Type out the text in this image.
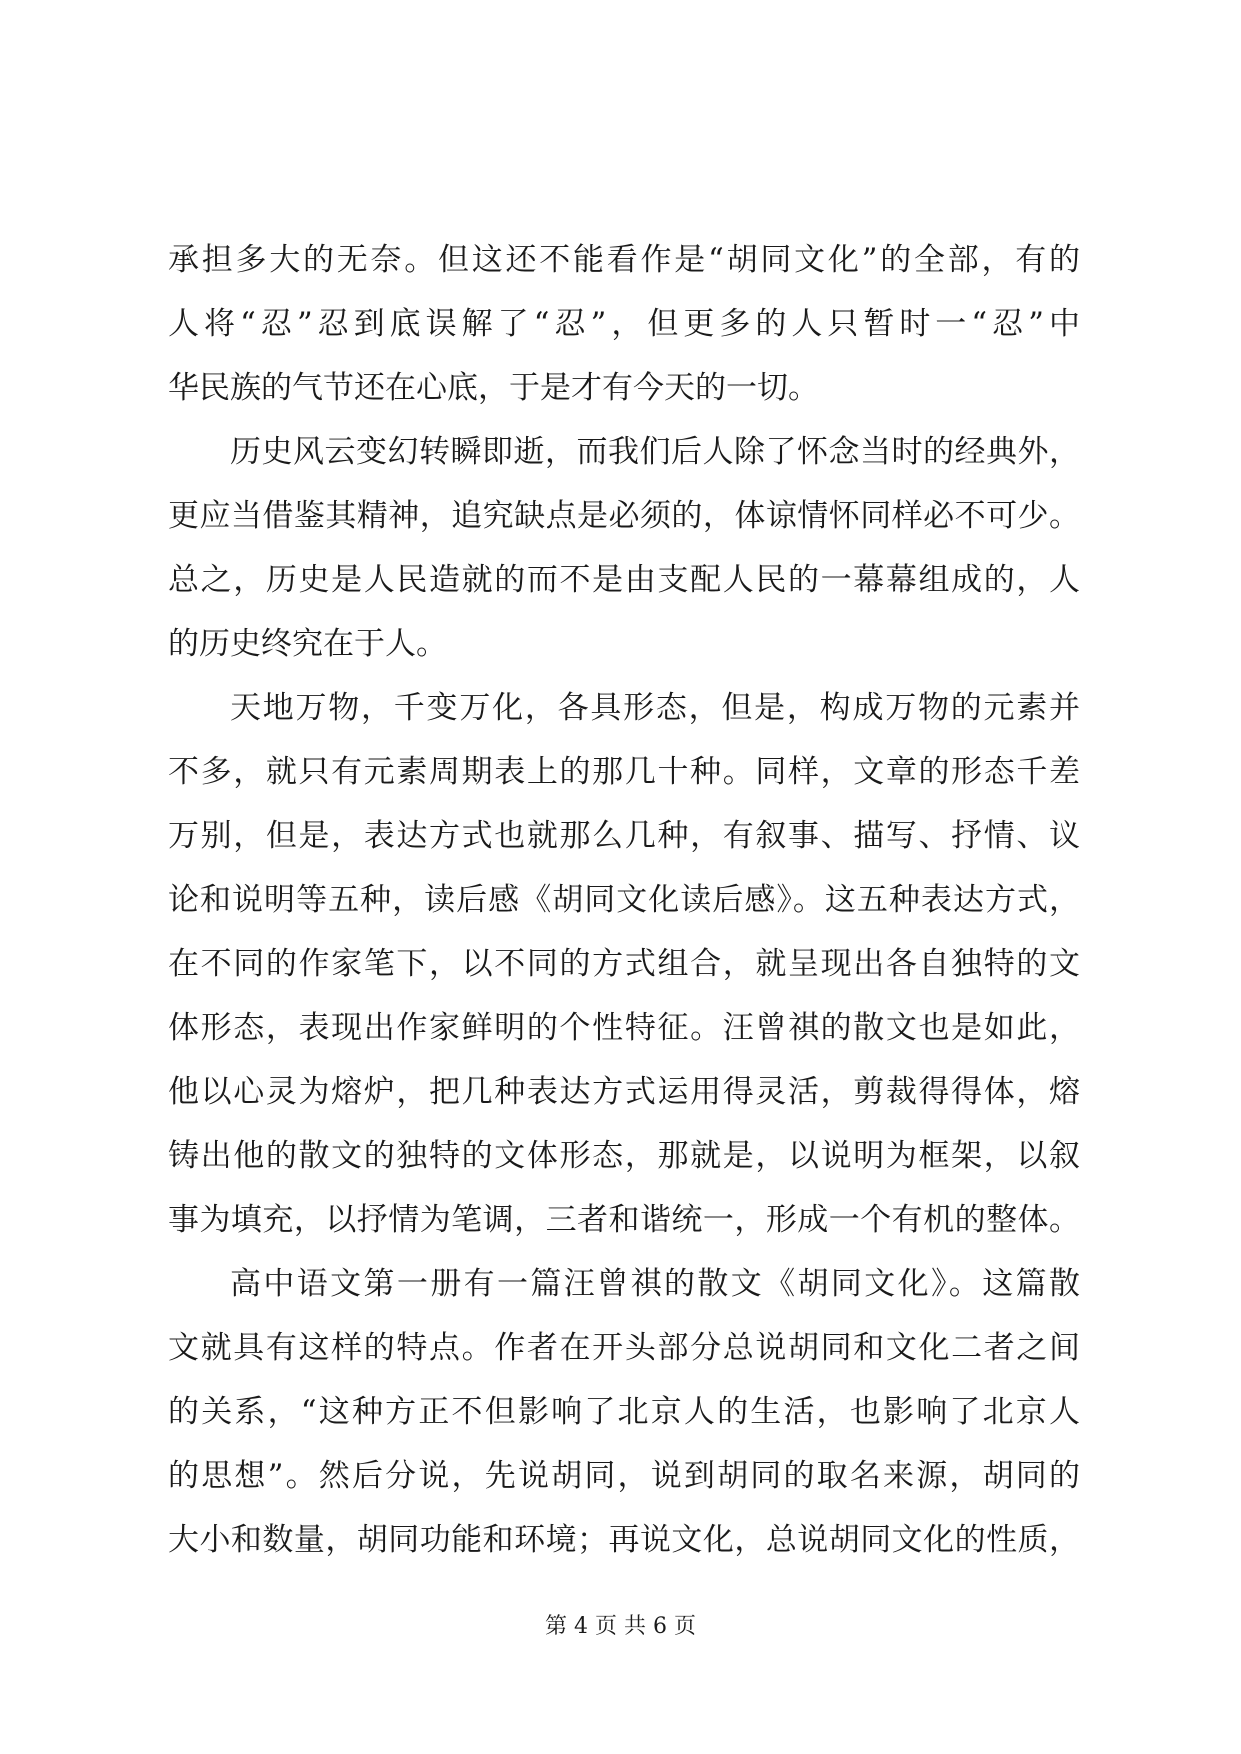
承担多大的无奈。但这还不能看作是“胡同文化”的全部，有的
人将“忍”忍到底误解了“忍”，但更多的人只暂时一“忍”中
华民族的气节还在心底，于是才有今天的一切。
历史风云变幻转瞬即逝，而我们后人除了怀念当时的经典外，
更应当借鉴其精神，追究缺点是必须的，体谅情怀同样必不可少。
总之，历史是人民造就的而不是由支配人民的一幕幕组成的，人
的历史终究在于人。
天地万物，千变万化，各具形态，但是，构成万物的元素并
不多，就只有元素周期表上的那几十种。同样，文章的形态千差
万别，但是，表达方式也就那么几种，有叙事、描写、抒情、议
论和说明等五种，读后感《胡同文化读后感》。这五种表达方式，
在不同的作家笔下，以不同的方式组合，就呈现出各自独特的文
体形态，表现出作家鲜明的个性特征。汪曾祺的散文也是如此，
他以心灵为熔炉，把几种表达方式运用得灵活，剪裁得得体，熔
铸出他的散文的独特的文体形态，那就是，以说明为框架，以叙
事为填充，以抒情为笔调，三者和谐统一，形成一个有机的整体。
高中语文第一册有一篇汪曾祺的散文《胡同文化》。这篇散
文就具有这样的特点。作者在开头部分总说胡同和文化二者之间
的关系，“这种方正不但影响了北京人的生活，也影响了北京人
的思想”。然后分说，先说胡同，说到胡同的取名来源，胡同的
大小和数量，胡同功能和环境；再说文化，总说胡同文化的性质，
第 4 页 共 6 页
